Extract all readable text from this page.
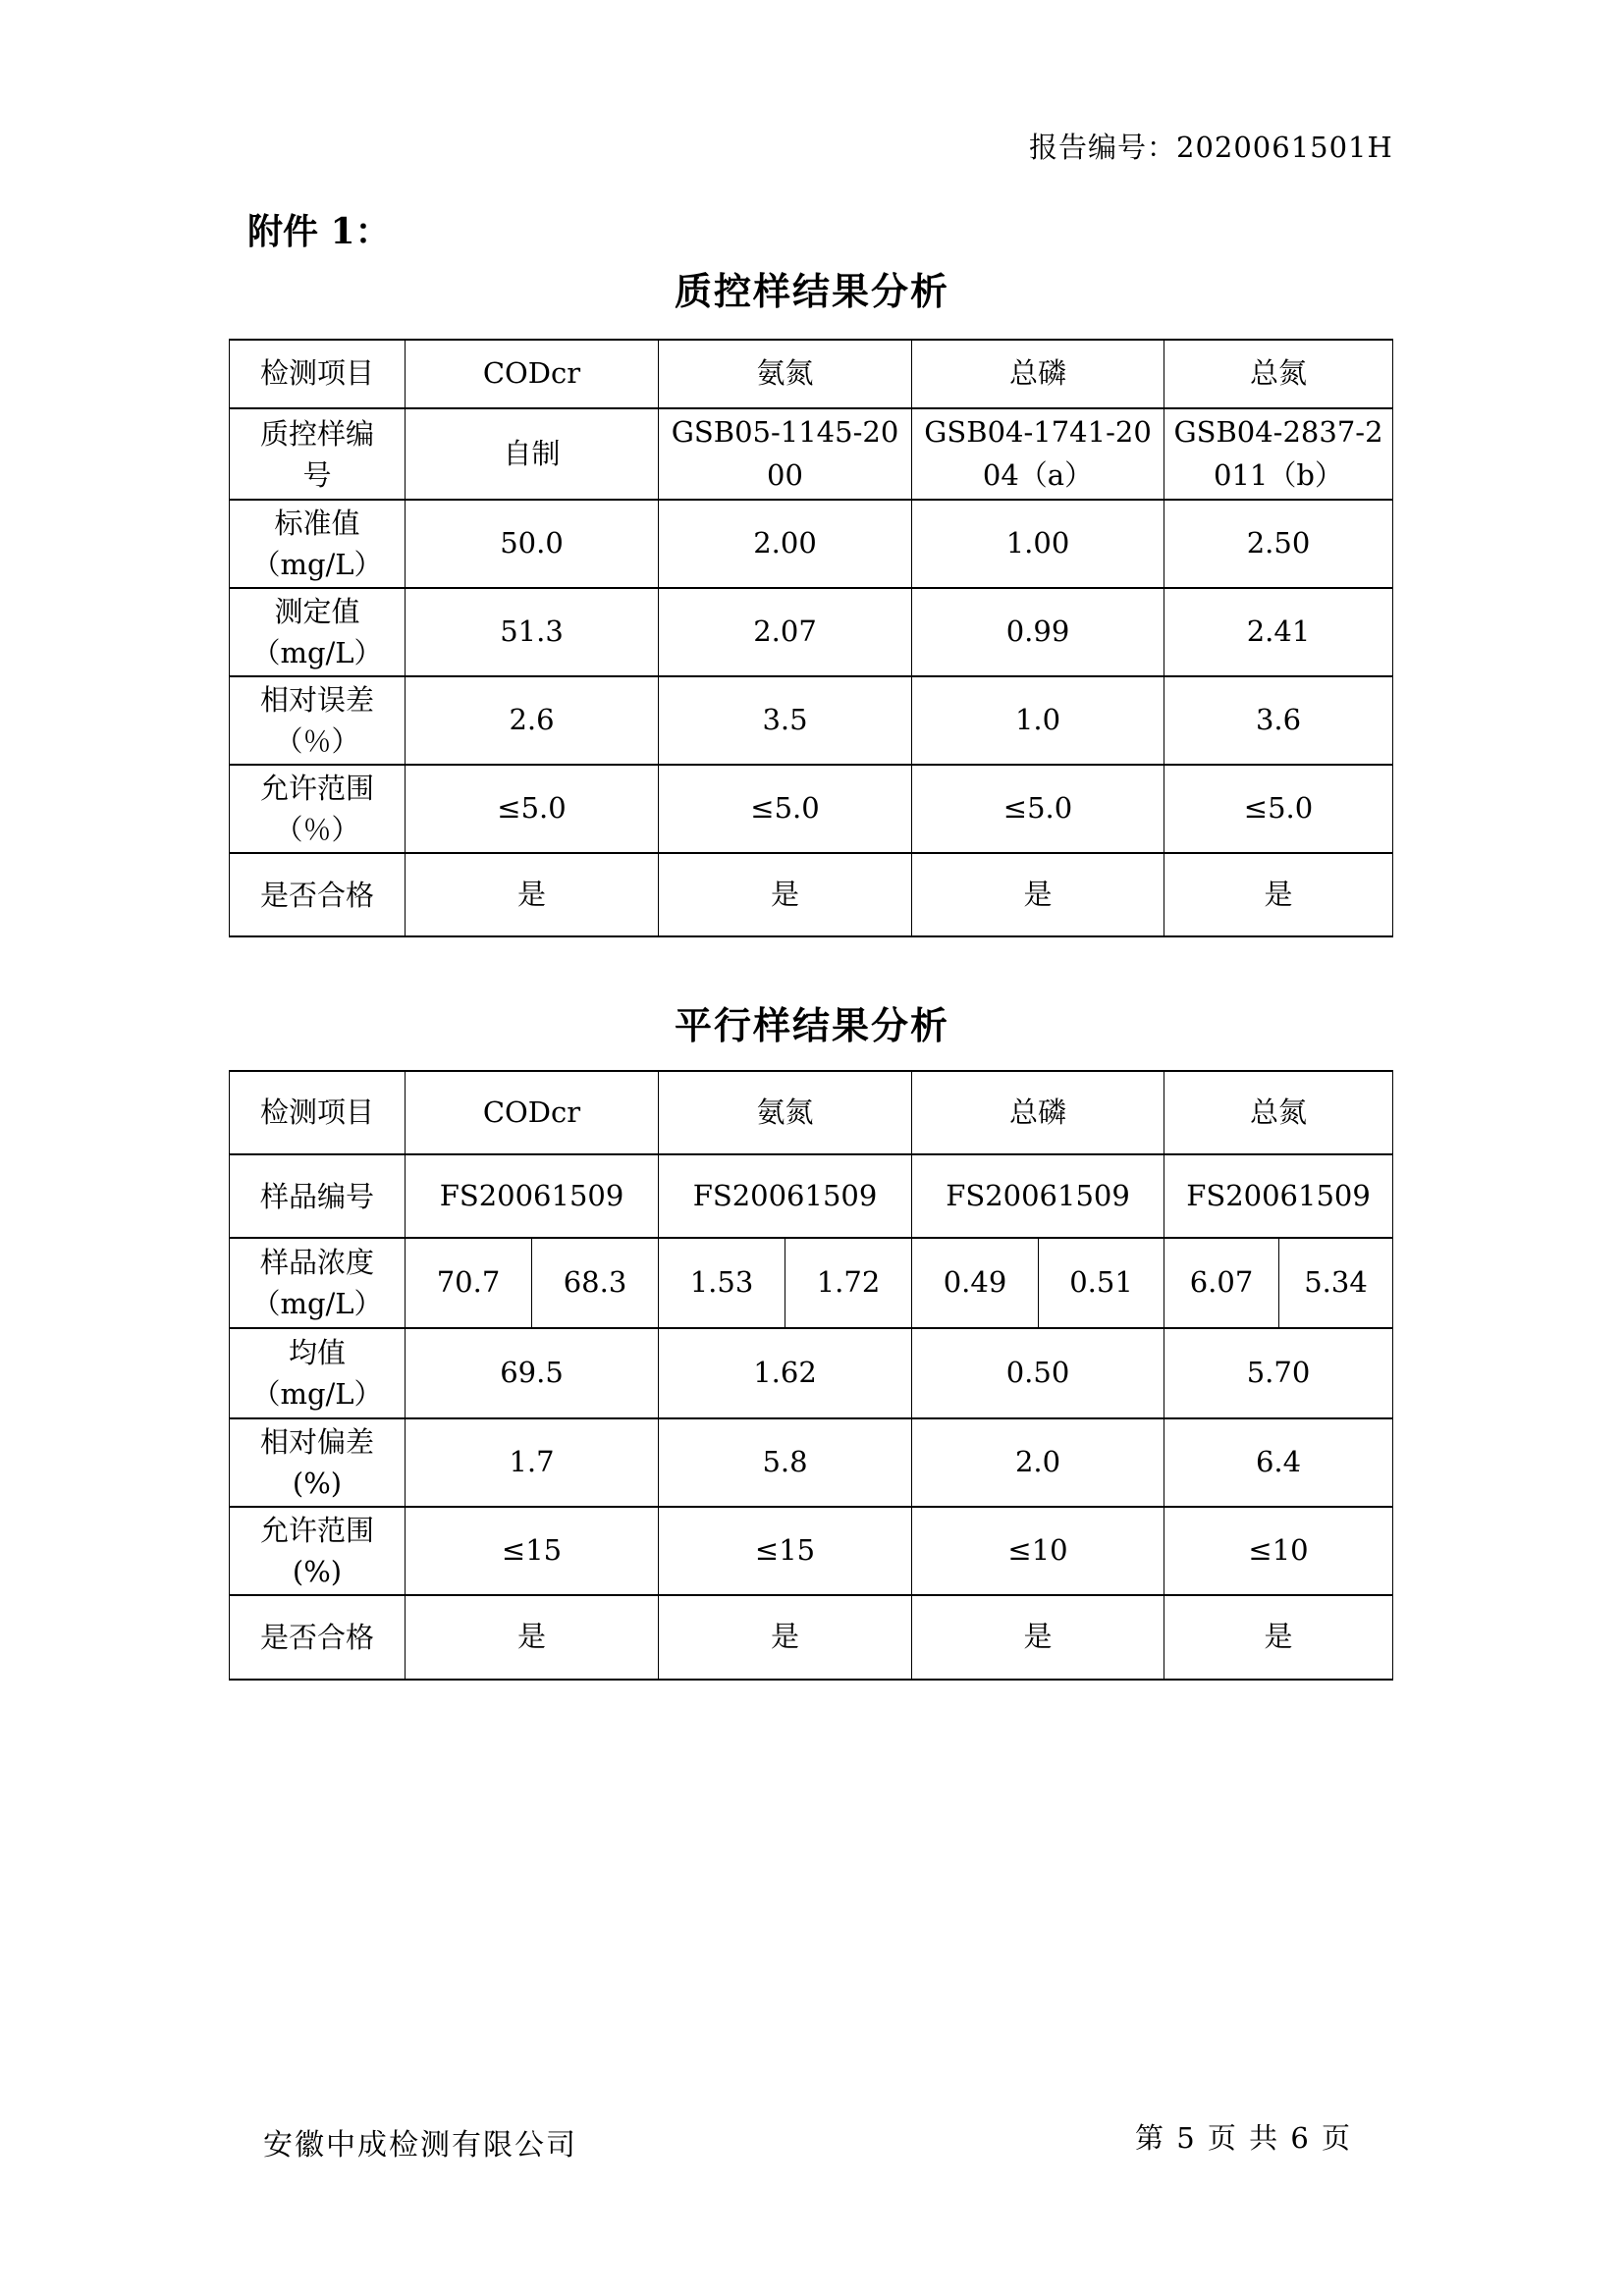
报告编号：2020061501H
附件 1：
质控样结果分析
检测项目	CODcr	氨氮	总磷	总氮

质控样编
号	自制	GSB05-1145-2000	GSB04-1741-2004（a）	GSB04-2837-2011（b）

标准值
（mg/L）	50.0	2.00	1.00	2.50

测定值
（mg/L）	51.3	2.07	0.99	2.41

相对误差
（％）	2.6	3.5	1.0	3.6

允许范围
（％）	≤5.0	≤5.0	≤5.0	≤5.0

是否合格	是	是	是	是
平行样结果分析
检测项目	CODcr		氨氮		总磷		总氮	

样品编号	FS20061509		FS20061509		FS20061509		FS20061509	

样品浓度
（mg/L）	70.7	68.3	1.53	1.72	0.49	0.51	6.07	5.34

均值
（mg/L）	69.5		1.62		0.50		5.70	

相对偏差
(%)	1.7		5.8		2.0		6.4	

允许范围
(%)	≤15		≤15		≤10		≤10	

是否合格	是		是		是		是	
安徽中成检测有限公司	第 5 页 共 6 页
